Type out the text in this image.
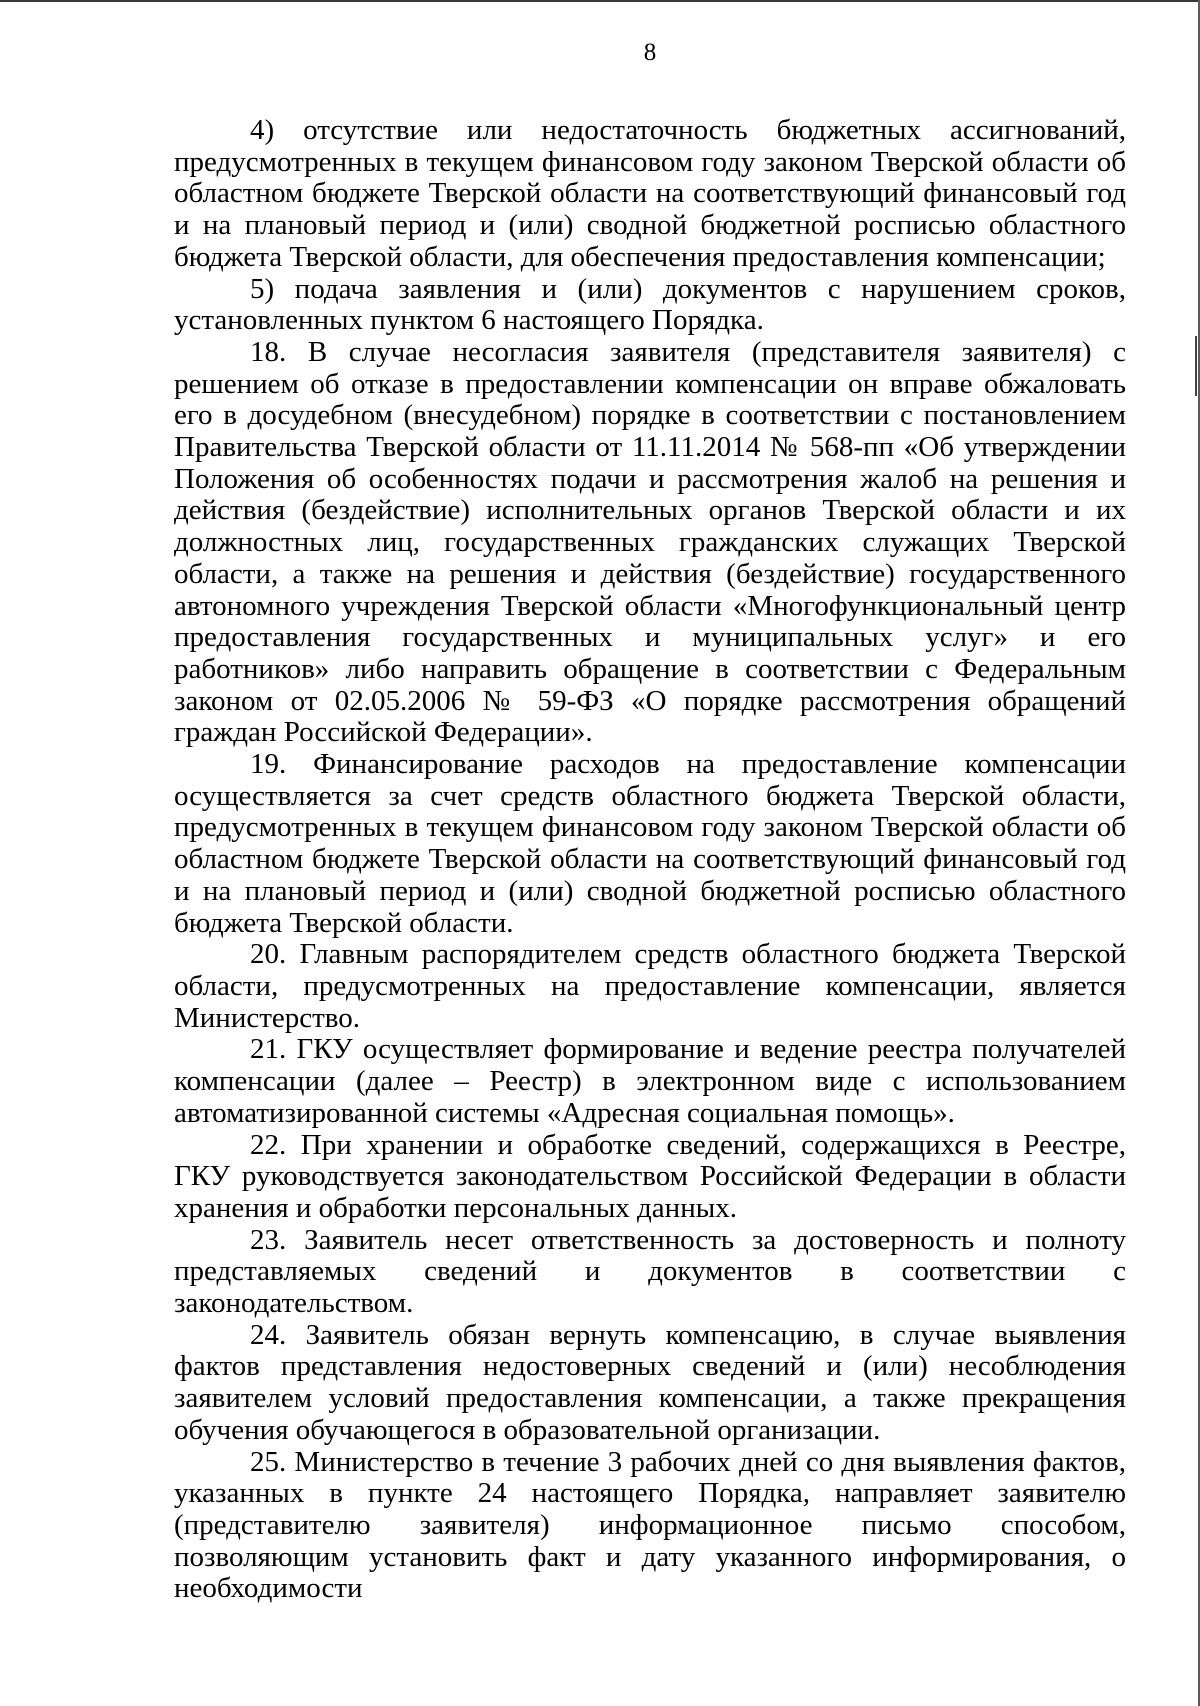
8

4) отсутствие или недостаточность бюджетных ассигнований, предусмотренных в текущем финансовом году законом Тверской области об областном бюджете Тверской области на соответствующий финансовый год и на плановый период и (или) сводной бюджетной росписью областного бюджета Тверской области, для обеспечения предоставления компенсации;

5) подача заявления и (или) документов с нарушением сроков, установленных пунктом 6 настоящего Порядка.

18. В случае несогласия заявителя (представителя заявителя) с решением об отказе в предоставлении компенсации он вправе обжаловать его в досудебном (внесудебном) порядке в соответствии с постановлением Правительства Тверской области от 11.11.2014 № 568-пп «Об утверждении Положения об особенностях подачи и рассмотрения жалоб на решения и действия (бездействие) исполнительных органов Тверской области и их должностных лиц, государственных гражданских служащих Тверской области, а также на решения и действия (бездействие) государственного автономного учреждения Тверской области «Многофункциональный центр предоставления государственных и муниципальных услуг» и его работников» либо направить обращение в соответствии с Федеральным законом от 02.05.2006 № 59-ФЗ «О порядке рассмотрения обращений граждан Российской Федерации».

19. Финансирование расходов на предоставление компенсации осуществляется за счет средств областного бюджета Тверской области, предусмотренных в текущем финансовом году законом Тверской области об областном бюджете Тверской области на соответствующий финансовый год и на плановый период и (или) сводной бюджетной росписью областного бюджета Тверской области.

20. Главным распорядителем средств областного бюджета Тверской области, предусмотренных на предоставление компенсации, является Министерство.

21. ГКУ осуществляет формирование и ведение реестра получателей компенсации (далее – Реестр) в электронном виде с использованием автоматизированной системы «Адресная социальная помощь».

22. При хранении и обработке сведений, содержащихся в Реестре, ГКУ руководствуется законодательством Российской Федерации в области хранения и обработки персональных данных.

23. Заявитель несет ответственность за достоверность и полноту представляемых сведений и документов в соответствии с законодательством.

24. Заявитель обязан вернуть компенсацию, в случае выявления фактов представления недостоверных сведений и (или) несоблюдения заявителем условий предоставления компенсации, а также прекращения обучения обучающегося в образовательной организации.

25. Министерство в течение 3 рабочих дней со дня выявления фактов, указанных в пункте 24 настоящего Порядка, направляет заявителю (представителю заявителя) информационное письмо способом, позволяющим установить факт и дату указанного информирования, о необходимости
